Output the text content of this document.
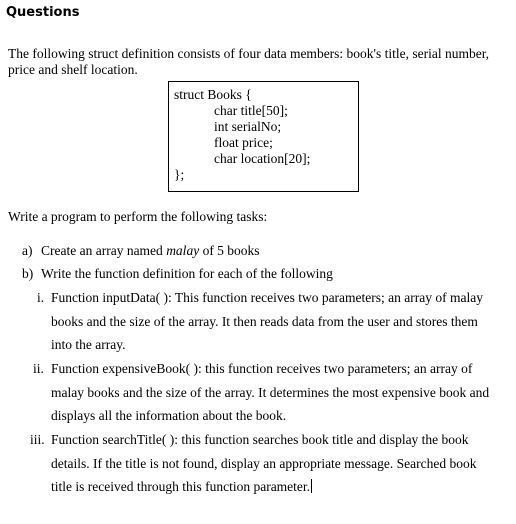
Questions
The following struct definition consists of four data members: book's title, serial number, price and shelf location.
struct Books {
char title[50];
int serialNo;
float price;
char location[20];
};
Write a program to perform the following tasks:
a) Create an array named malay of 5 books
b) Write the function definition for each of the following
i. Function inputData( ): This function receives two parameters; an array of malay
books and the size of the array. It then reads data from the user and stores them
into the array.
ii. Function expensiveBook( ): this function receives two parameters; an array of
malay books and the size of the array. It determines the most expensive book and
displays all the information about the book.
iii. Function searchTitle( ): this function searches book title and display the book
details. If the title is not found, display an appropriate message. Searched book
title is received through this function parameter.
